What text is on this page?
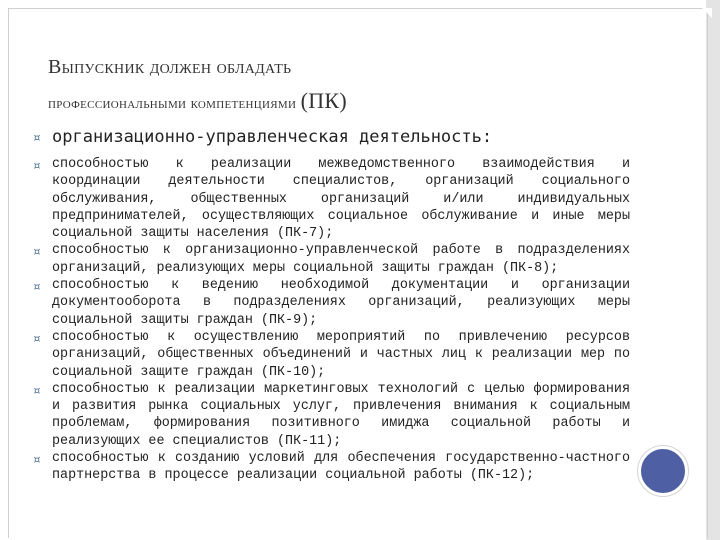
Выпускник должен обладать
профессиональными компетенциями (ПК)
¤ организационно-управленческая деятельность:
¤ способностью к реализации межведомственного взаимодействия и координации деятельности специалистов, организаций социального обслуживания, общественных организаций и/или индивидуальных предпринимателей, осуществляющих социальное обслуживание и иные меры социальной защиты населения (ПК-7);
¤ способностью к организационно-управленческой работе в подразделениях организаций, реализующих меры социальной защиты граждан (ПК-8);
¤ способностью к ведению необходимой документации и организации документооборота в подразделениях организаций, реализующих меры социальной защиты граждан (ПК-9);
¤ способностью к осуществлению мероприятий по привлечению ресурсов организаций, общественных объединений и частных лиц к реализации мер по социальной защите граждан (ПК-10);
¤ способностью к реализации маркетинговых технологий с целью формирования и развития рынка социальных услуг, привлечения внимания к социальным проблемам, формирования позитивного имиджа социальной работы и реализующих ее специалистов (ПК-11);
¤ способностью к созданию условий для обеспечения государственно-частного партнерства в процессе реализации социальной работы (ПК-12);
